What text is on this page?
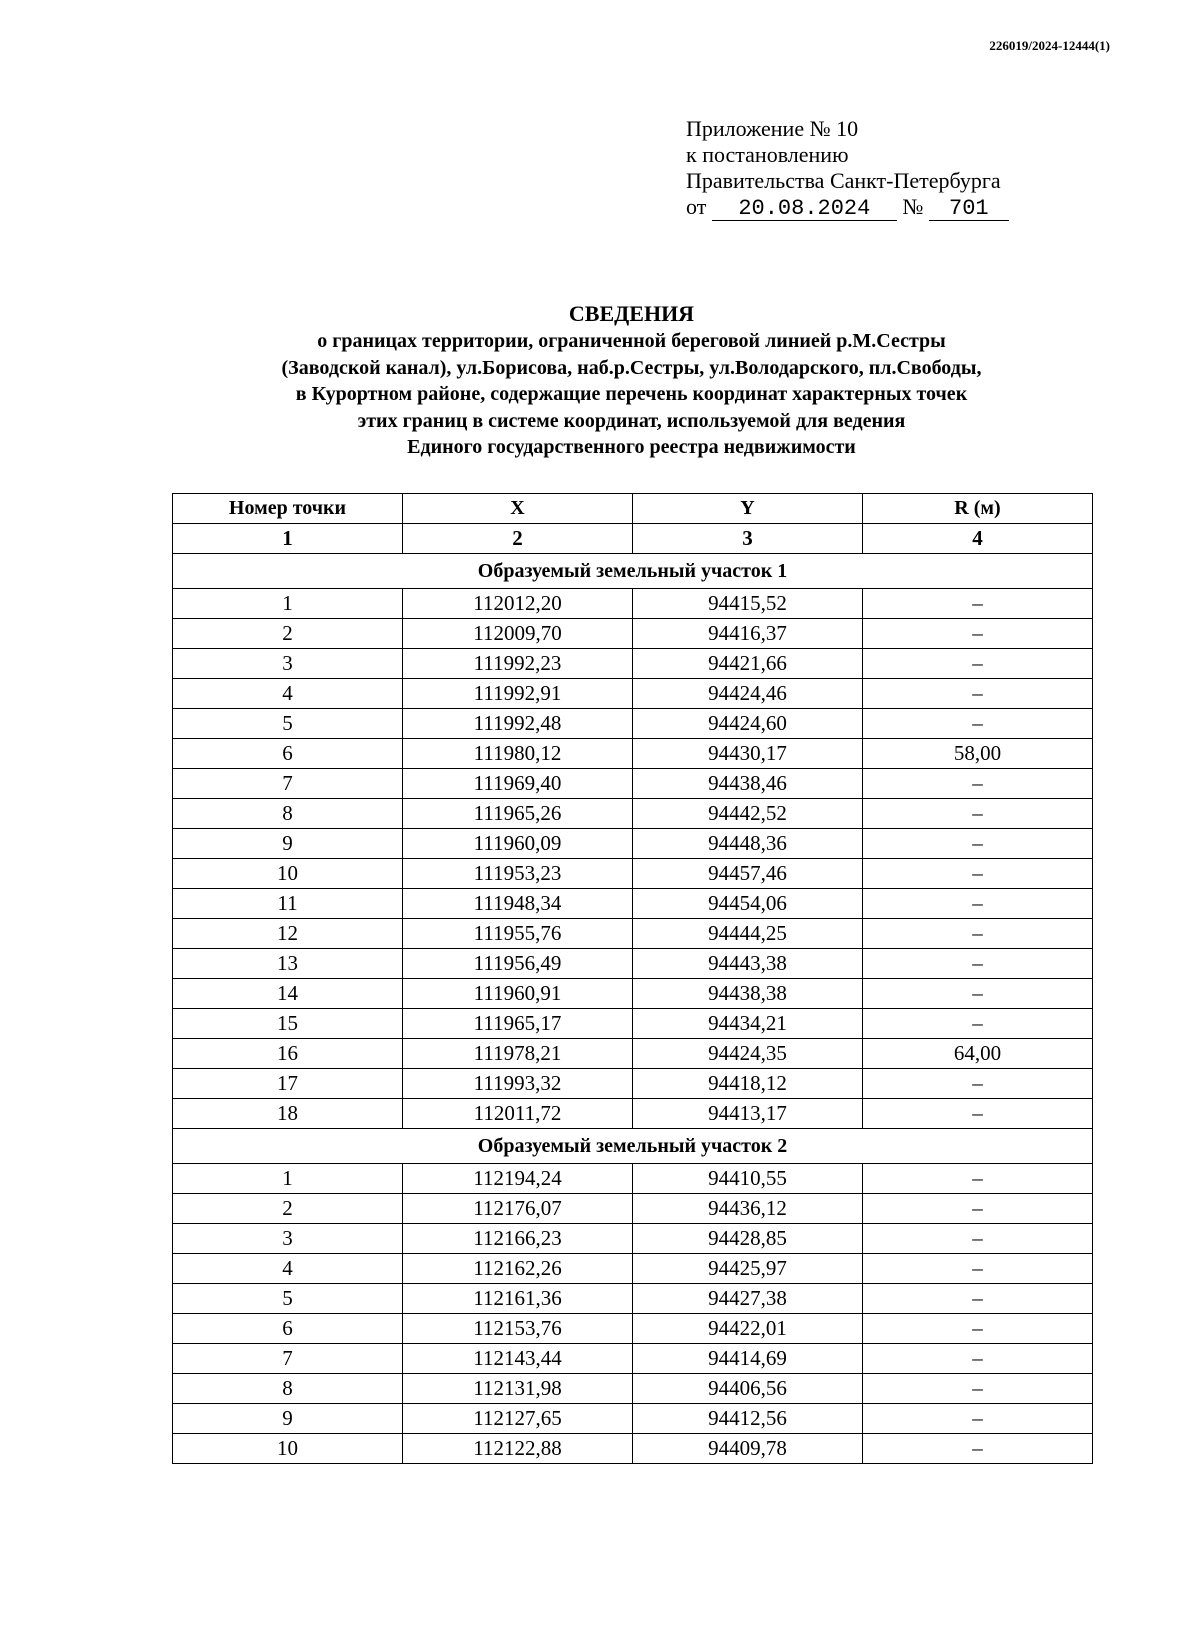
226019/2024-12444(1)
Приложение № 10
к постановлению
Правительства Санкт-Петербурга
от 20.08.2024 № 701
СВЕДЕНИЯ

о границах территории, ограниченной береговой линией р.М.Сестры

(Заводской канал), ул.Борисова, наб.р.Сестры, ул.Володарского, пл.Свободы,

в Курортном районе, содержащие перечень координат характерных точек

этих границ в системе координат, используемой для ведения

Единого государственного реестра недвижимости

Номер точки	X	Y	R (м)
1	2	3	4
Образуемый земельный участок 1			
1	112012,20	94415,52	–
2	112009,70	94416,37	–
3	111992,23	94421,66	–
4	111992,91	94424,46	–
5	111992,48	94424,60	–
6	111980,12	94430,17	58,00
7	111969,40	94438,46	–
8	111965,26	94442,52	–
9	111960,09	94448,36	–
10	111953,23	94457,46	–
11	111948,34	94454,06	–
12	111955,76	94444,25	–
13	111956,49	94443,38	–
14	111960,91	94438,38	–
15	111965,17	94434,21	–
16	111978,21	94424,35	64,00
17	111993,32	94418,12	–
18	112011,72	94413,17	–
Образуемый земельный участок 2			
1	112194,24	94410,55	–
2	112176,07	94436,12	–
3	112166,23	94428,85	–
4	112162,26	94425,97	–
5	112161,36	94427,38	–
6	112153,76	94422,01	–
7	112143,44	94414,69	–
8	112131,98	94406,56	–
9	112127,65	94412,56	–
10	112122,88	94409,78	–
